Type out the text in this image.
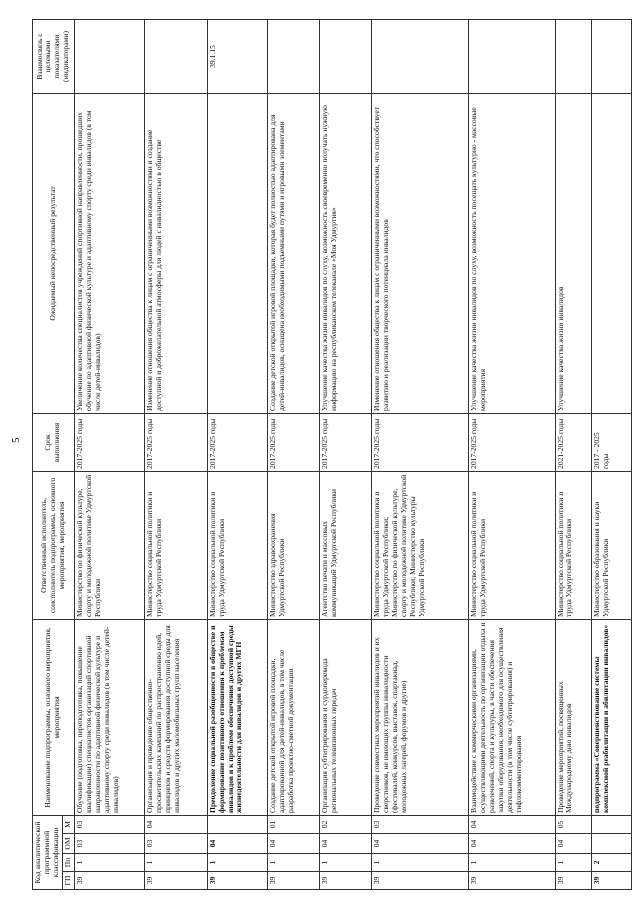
5
Код аналитической программной классификации				Наименование подпрограммы, основного мероприятия, мероприятия	Ответственный исполнитель, соисполнитель подпрограммы, основного мероприятия, мероприятия	Срок выполнения	Ожидаемый непосредственный результат	Взаимосвязь с целевыми показателями (индикаторами)
ГП	Пп	ОМ	М					
39	1	03	03	Обучение (подготовка, переподготовка, повышение квалификации) специалистов организаций спортивной направленности по адаптивной физической культуре и адаптивному спорту среди инвалидов (в том числе детей-инвалидов)	Министерство по физической культуре, спорту и молодежной политике Удмуртской Республики	2017-2025 годы	Увеличение количества специалистов учреждений спортивной направленности, прошедших обучение по адаптивной физической культуре и адаптивному спорту среди инвалидов (в том числе детей-инвалидов)	
39	1	03	04	Организация и проведение общественно-просветительских кампаний по распространению идей, принципов и средств формирования доступной среды для инвалидов и других маломобильных групп населения	Министерство социальной политики и труда Удмуртской Республики	2017-2025 годы	Изменение отношения общества к лицам с ограниченными возможностями и создание доступной и доброжелательной атмосферы для людей с инвалидностью в обществе	
39	1	04		Преодоление социальной разобщенности в обществе и формирование позитивного отношения к проблемам инвалидов и к проблеме обеспечения доступной среды жизнедеятельности для инвалидов и других МГН	Министерство социальной политики и труда Удмуртской Республики	2017-2025 годы		39.1.15
39	1	04	01	Создание детской открытой игровой площадки, адаптированной для детей-инвалидов, в том числе разработка проектно-сметной документации	Министерство здравоохранения Удмуртской Республики	2017-2025 годы	Создание детской открытой игровой площадки, которая будет полностью адаптирована для детей-инвалидов, оснащена необходимыми подъемными путями и игровыми элементами	
39	1	04	02	Организация субтитрирования и сурдоперевода региональных телевизионных передач	Агентство печати и массовых коммуникаций Удмуртской Республики	2017-2025 годы	Улучшение качества жизни инвалидов по слуху, возможность своевременно получать нужную информацию на республиканском телеканале «Моя Удмуртия»	
39	1	04	03	Проведение совместных мероприятий инвалидов и их сверстников, не имеющих группы инвалидности (фестивалей, конкурсов, выставок, спартакиад, молодежных лагерей, форумов и другие)	Министерство социальной политики и труда Удмуртской Республики; Министерство по физической культуре, спорту и молодежной политике Удмуртской Республики; Министерство культуры Удмуртской Республики	2017-2025 годы	Изменение отношения общества к лицам с ограниченными возможностями, что способствует развитию и реализации творческого потенциала инвалидов	
39	1	04	04	Взаимодействие с коммерческими организациями, осуществляющими деятельность по организации отдыха и развлечений, спорта и культуры, в части обеспечения закупки оборудования, необходимого для осуществления деятельности (в том числе субтитрирования) и тифлокомментирования	Министерство социальной политики и труда Удмуртской Республики	2017-2025 годы	Улучшение качества жизни инвалидов по слуху, возможность посещать культурно - массовые мероприятия	
39	1	04	05	Проведение мероприятий, посвященных Международному дню инвалидов	Министерство социальной политики и труда Удмуртской Республики	2021-2025 годы	Улучшение качества жизни инвалидов	
39	2			подпрограмма «Совершенствование системы комплексной реабилитации и абилитации инвалидов»	Министерство образования и науки Удмуртской Республики	2017 - 2025 годы		
